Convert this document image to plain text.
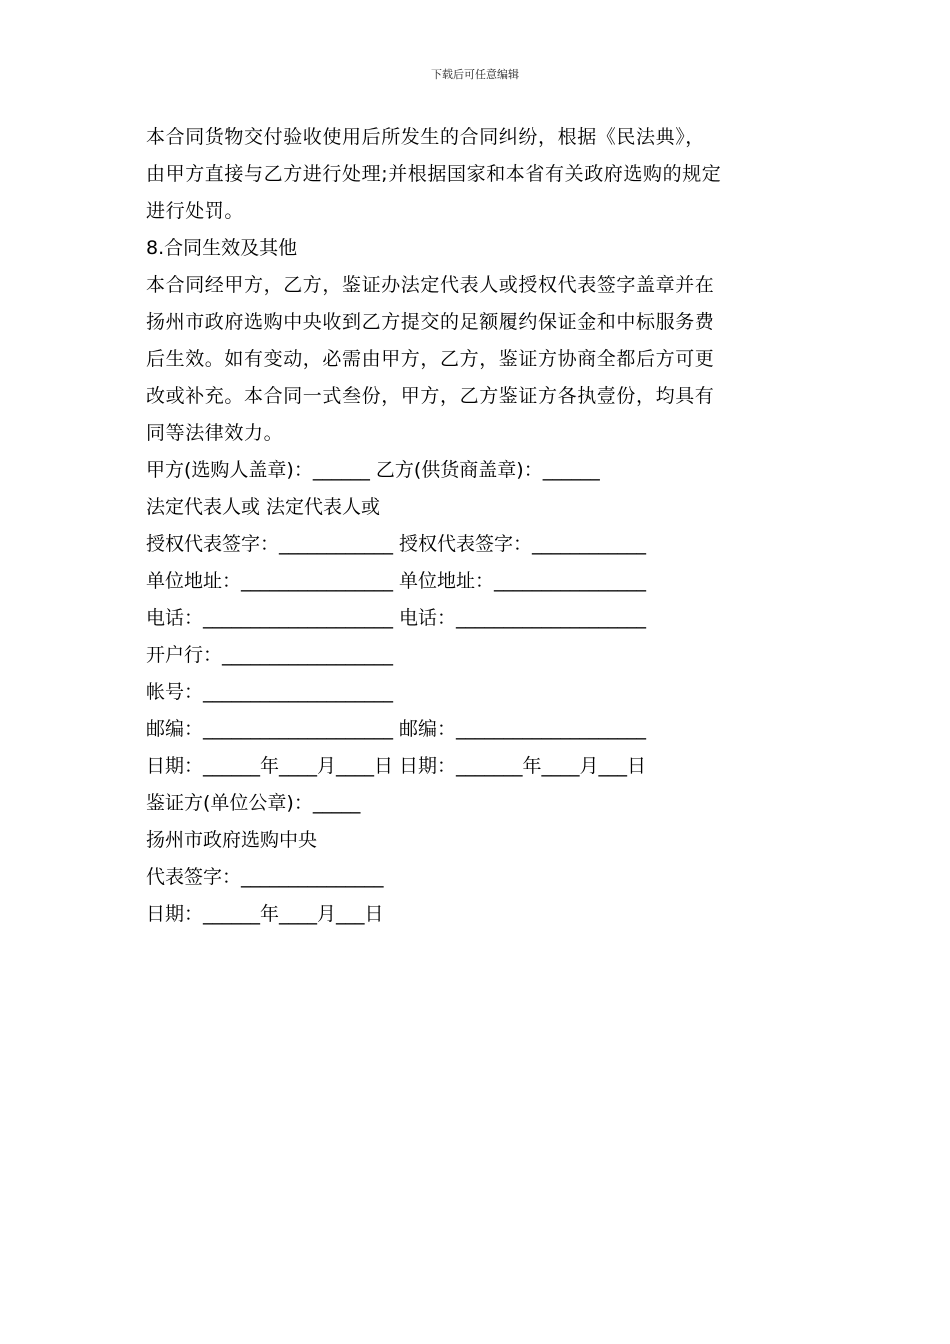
下载后可任意编辑
本合同货物交付验收使用后所发生的合同纠纷，根据《民法典》，
由甲方直接与乙方进行处理;并根据国家和本省有关政府选购的规定
进行处罚。
8.合同生效及其他
本合同经甲方，乙方，鉴证办法定代表人或授权代表签字盖章并在
扬州市政府选购中央收到乙方提交的足额履约保证金和中标服务费
后生效。如有变动，必需由甲方，乙方，鉴证方协商全都后方可更
改或补充。本合同一式叁份，甲方，乙方鉴证方各执壹份，均具有
同等法律效力。
甲方(选购人盖章)：______ 乙方(供货商盖章)：______
法定代表人或 法定代表人或
授权代表签字：____________ 授权代表签字：____________
单位地址：________________ 单位地址：________________
电话：____________________ 电话：____________________
开户行：__________________
帐号：____________________
邮编：____________________ 邮编：____________________
日期：______年____月____日 日期：_______年____月___日
鉴证方(单位公章)：_____
扬州市政府选购中央
代表签字：_______________
日期：______年____月___日
